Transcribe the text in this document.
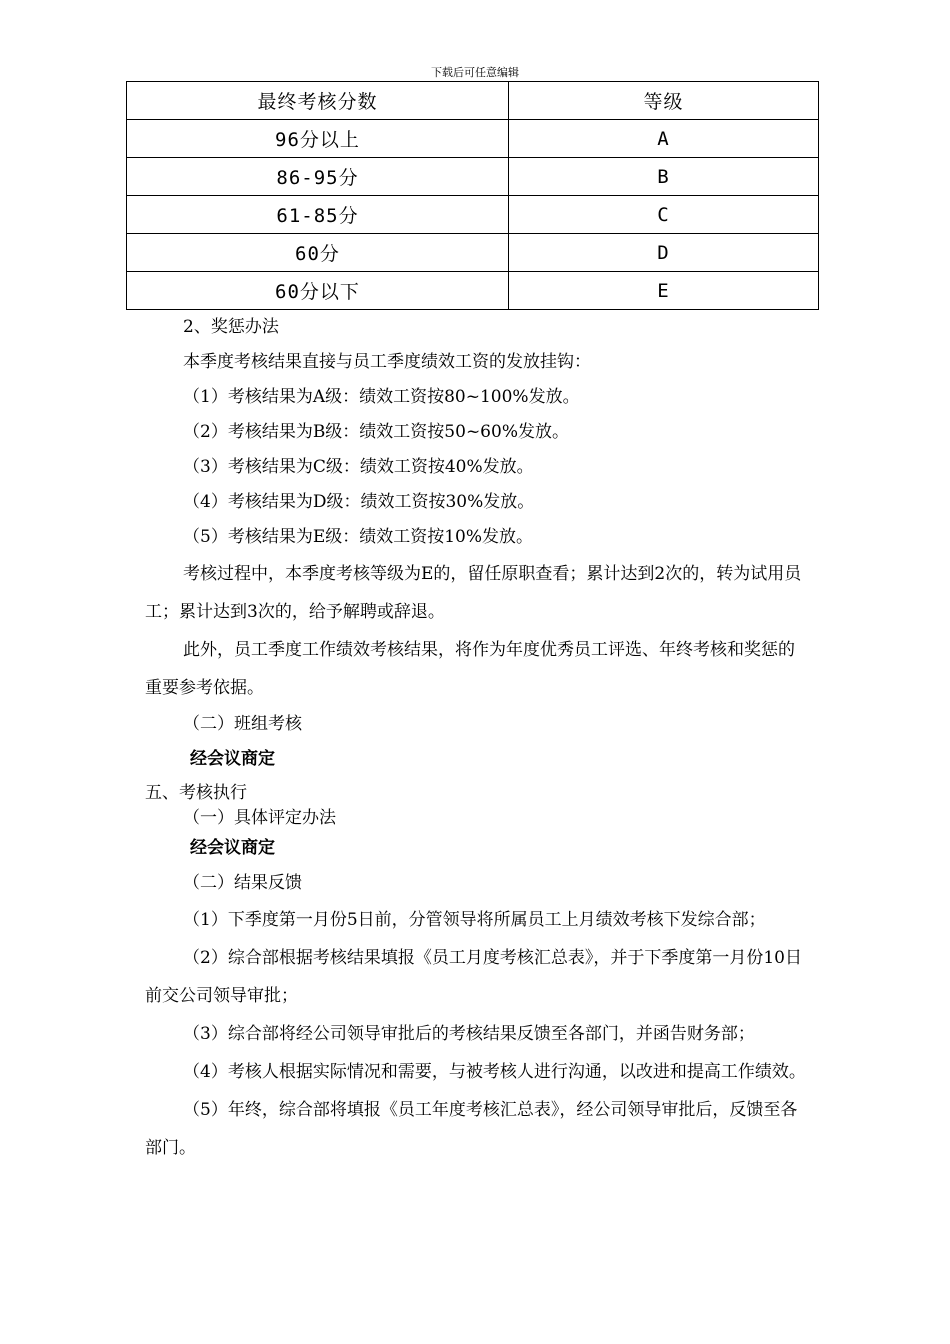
下载后可任意编辑
最终考核分数	等级
96分以上	A
86-95分	B
61-85分	C
60分	D
60分以下	E

2、奖惩办法

本季度考核结果直接与员工季度绩效工资的发放挂钩：

（1）考核结果为A级：绩效工资按80~100%发放。

（2）考核结果为B级：绩效工资按50~60%发放。

（3）考核结果为C级：绩效工资按40%发放。

（4）考核结果为D级：绩效工资按30%发放。

（5）考核结果为E级：绩效工资按10%发放。

考核过程中，本季度考核等级为E的，留任原职查看；累计达到2次的，转为试用员工；累计达到3次的，给予解聘或辞退。

此外，员工季度工作绩效考核结果，将作为年度优秀员工评选、年终考核和奖惩的重要参考依据。

（二）班组考核

经会议商定

五、考核执行

（一）具体评定办法

经会议商定

（二）结果反馈

（1）下季度第一月份5日前，分管领导将所属员工上月绩效考核下发综合部；

（2）综合部根据考核结果填报《员工月度考核汇总表》，并于下季度第一月份10日前交公司领导审批；

（3）综合部将经公司领导审批后的考核结果反馈至各部门，并函告财务部；

（4）考核人根据实际情况和需要，与被考核人进行沟通，以改进和提高工作绩效。

（5）年终，综合部将填报《员工年度考核汇总表》，经公司领导审批后，反馈至各部门。
